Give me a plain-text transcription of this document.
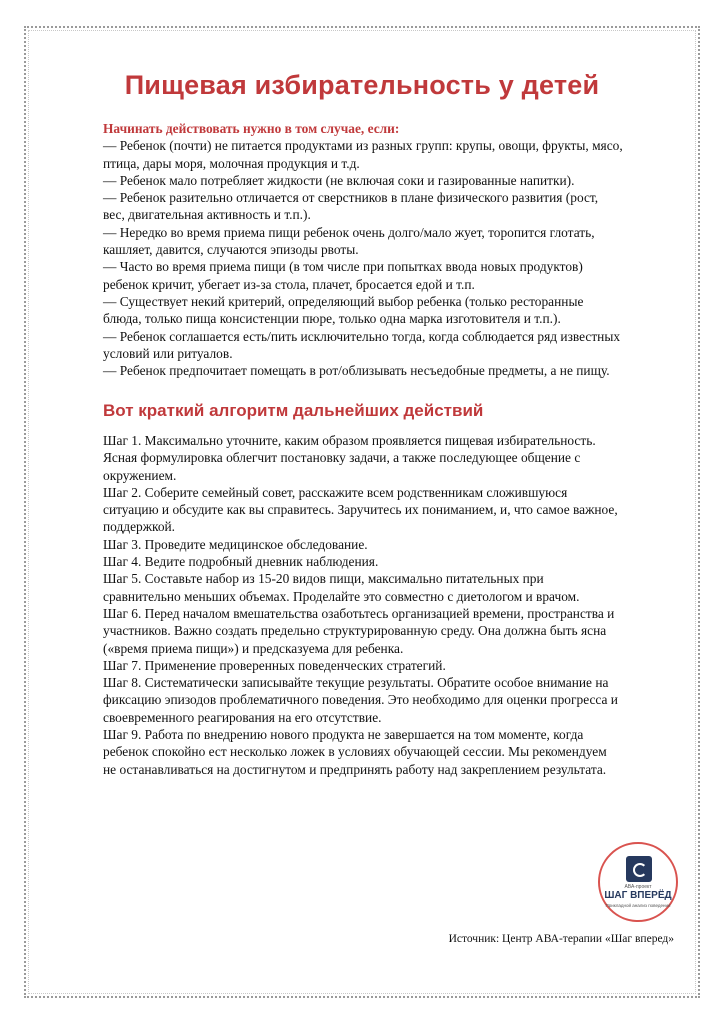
Пищевая избирательность у детей
Начинать действовать нужно в том случае, если:
— Ребенок (почти) не питается продуктами из разных групп: крупы, овощи, фрукты, мясо,
птица, дары моря, молочная продукция и т.д.
— Ребенок мало потребляет жидкости (не включая соки и газированные напитки).
— Ребенок разительно отличается от сверстников в плане физического развития (рост,
вес, двигательная активность и т.п.).
— Нередко во время приема пищи ребенок очень долго/мало жует, торопится глотать,
кашляет, давится, случаются эпизоды рвоты.
— Часто во время приема пищи (в том числе при попытках ввода новых продуктов)
ребенок кричит, убегает из-за стола, плачет, бросается едой и т.п.
— Существует некий критерий, определяющий выбор ребенка (только ресторанные
блюда, только пища консистенции пюре, только одна марка изготовителя и т.п.).
— Ребенок соглашается есть/пить исключительно тогда, когда соблюдается ряд известных
условий или ритуалов.
— Ребенок предпочитает помещать в рот/облизывать несъедобные предметы, а не пищу.
Вот краткий алгоритм дальнейших действий
Шаг 1. Максимально уточните, каким образом проявляется пищевая избирательность.
Ясная формулировка облегчит постановку задачи, а также последующее общение с
окружением.
Шаг 2. Соберите семейный совет, расскажите всем родственникам сложившуюся
ситуацию и обсудите как вы справитесь. Заручитесь их пониманием, и, что самое важное,
поддержкой.
Шаг 3. Проведите медицинское обследование.
Шаг 4. Ведите подробный дневник наблюдения.
Шаг 5. Составьте набор из 15-20 видов пищи, максимально питательных при
сравнительно меньших объемах. Проделайте это совместно с диетологом и врачом.
Шаг 6. Перед началом вмешательства озаботьтесь организацией времени, пространства и
участников. Важно создать предельно структурированную среду. Она должна быть ясна
(«время приема пищи») и предсказуема для ребенка.
Шаг 7. Применение проверенных поведенческих стратегий.
Шаг 8. Систематически записывайте текущие результаты. Обратите особое внимание на
фиксацию эпизодов проблематичного поведения. Это необходимо для оценки прогресса и
своевременного реагирования на его отсутствие.
Шаг 9. Работа по внедрению нового продукта не завершается на том моменте, когда
ребенок спокойно ест несколько ложек в условиях обучающей сессии. Мы рекомендуем
не останавливаться на достигнутом и предпринять работу над закреплением результата.
АВА-проект
ШАГ ВПЕРЁД
Прикладной анализ поведения
Источник: Центр АВА-терапии «Шаг вперед»
